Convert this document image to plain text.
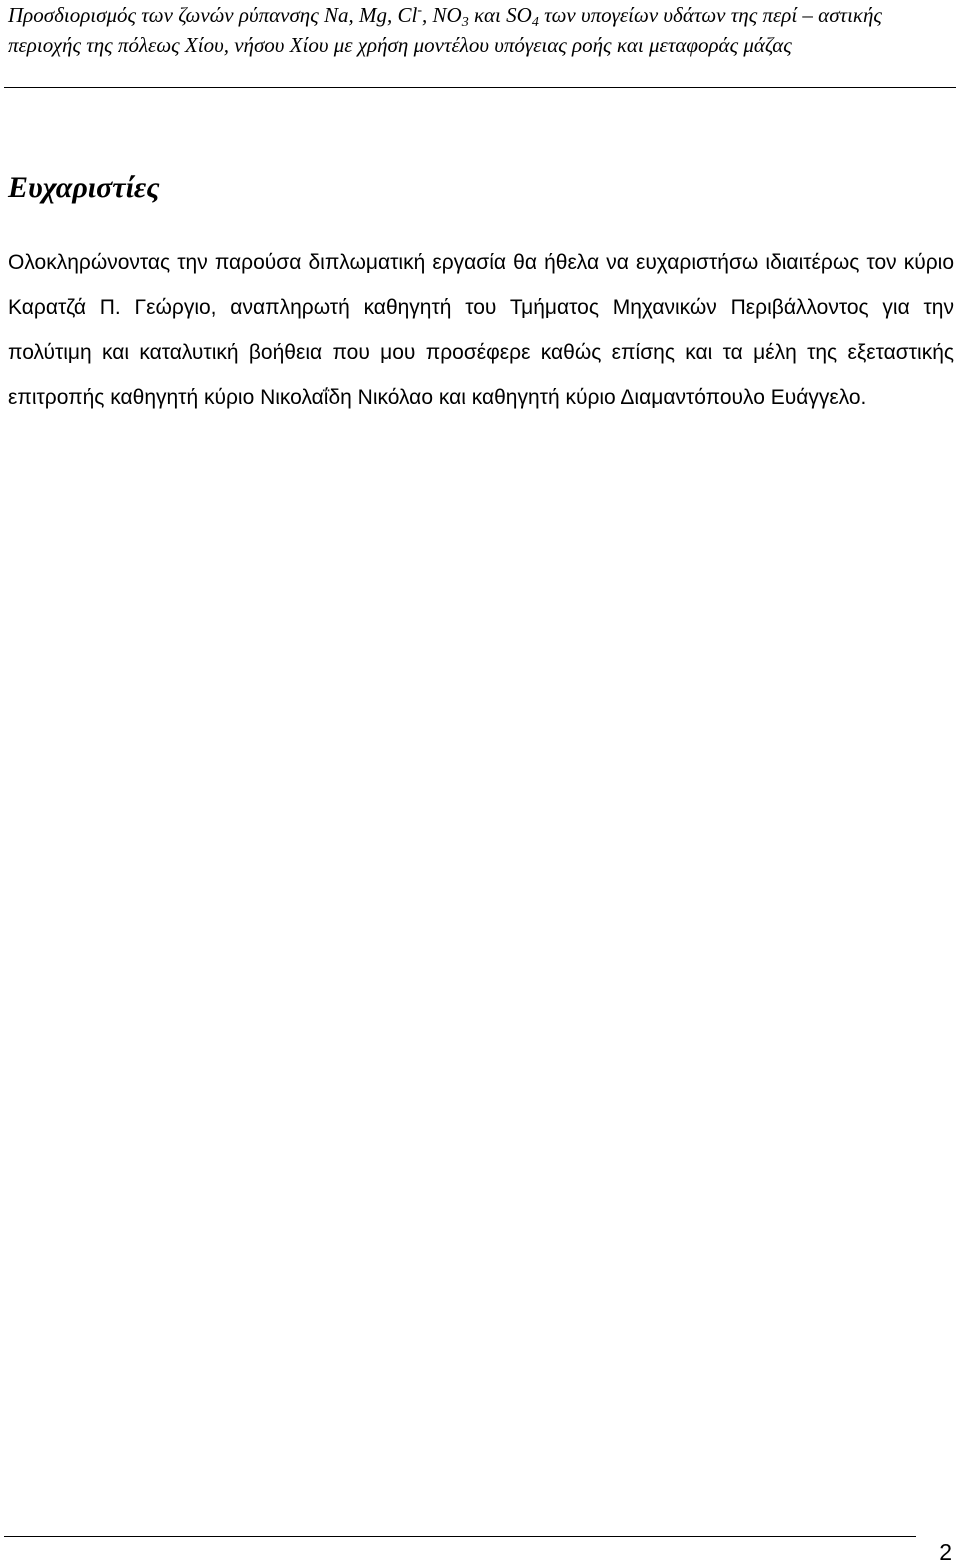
Προσδιορισμός των ζωνών ρύπανσης Na, Mg, Cl-, $NO_3$ και $SO_4$ των υπογείων υδάτων της περί – αστικής περιοχής της πόλεως Χίου, νήσου Χίου με χρήση μοντέλου υπόγειας ροής και μεταφοράς μάζας
Ευχαριστίες

Ολοκληρώνοντας την παρούσα διπλωματική εργασία θα ήθελα να ευχαριστήσω ιδιαιτέρως τον κύριο Καρατζά Π. Γεώργιο, αναπληρωτή καθηγητή του Τμήματος Μηχανικών Περιβάλλοντος για την πολύτιμη και καταλυτική βοήθεια που μου προσέφερε καθώς επίσης και τα μέλη της εξεταστικής επιτροπής καθηγητή κύριο Νικολαΐδη Νικόλαο και καθηγητή κύριο Διαμαντόπουλο Ευάγγελο.

2
